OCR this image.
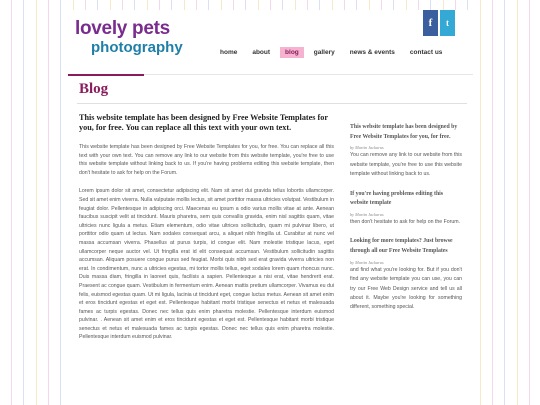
lovely pets
photography
f t
home	about	blog	gallery	news & events	contact us
Blog
This website template has been designed by Free Website Templates for you, for free. You can replace all this text with your own text.

This website template has been designed by Free Website Templates for you, for free. You can replace all this text with your own text. You can remove any link to our website from this website template, you're free to use this website template without linking back to us. If you're having problems editing this website template, then don't hesitate to ask for help on the Forum.

Lorem ipsum dolor sit amet, consectetur adipiscing elit. Nam sit amet dui gravida tellus lobortis ullamcorper. Sed sit amet enim viverra. Nulla vulputate mollis lectus, sit amet porttitor massa ultricies volutpat. Vestibulum in feugiat dolor. Pellentesque in adipiscing orci. Maecenas eu ipsum a odio varius mollis vitae at ante. Aenean faucibus suscipit velit at tincidunt. Mauris pharetra, sem quis convallis gravida, enim nisl sagittis quam, vitae ultricies nunc ligula a metus. Etiam elementum, odio vitae ultrices sollicitudin, quam mi pulvinar libero, ut porttitor odio quam ut lectus. Nam sodales consequat arcu, a aliquet nibh fringilla ut. Curabitur at nunc vel massa accumsan viverra. Phasellus at purus turpis, id congue elit. Nam molestie tristique lacus, eget ullamcorper neque auctor vel. Ut fringilla erat id elit consequat accumsan. Vestibulum sollicitudin sagittis accumsan. Aliquam posuere congue purus sed feugiat. Morbi quis nibh sed erat gravida viverra ultricies non erat. In condimentum, nunc a ultricies egestas, mi tortor mollis tellus, eget sodales lorem quam rhoncus nunc. Duis massa diam, fringilla in laoreet quis, facilisis a sapien. Pellentesque a nisi erat, vitae hendrerit erat. Praesent ac congue quam. Vestibulum in fermentum enim. Aenean mattis pretium ullamcorper. Vivamus eu dui felis, euismod egestas quam. Ut mi ligula, lacinia ut tincidunt eget, congue luctus metus. Aenean sit amet enim et eros tincidunt egestas et eget est. Pellentesque habitant morbi tristique senectus et netus et malesuada fames ac turpis egestas. Donec nec tellus quis enim pharetra molestie. Pellentesque interdum euismod pulvinar. . Aenean sit amet enim et eros tincidunt egestas et eget est. Pellentesque habitant morbi tristique senectus et netus et malesuada fames ac turpis egestas. Donec nec tellus quis enim pharetra molestie. Pellentesque interdum euismod pulvinar.

This website template has been designed by Free Website Templates for you, for free.

by Martin Jackarus

You can remove any link to our website from this website template, you're free to use this website template without linking back to us.

If you're having problems editing this website template

by Martin Jackarus

then don't hesitate to ask for help on the Forum.

Looking for more templates? Just browse through all our Free Website Templates

by Martin Jackarus

and find what you're looking for. But if you don't find any website template you can use, you can try our Free Web Design service and tell us all about it. Maybe you're looking for something different, something special.
